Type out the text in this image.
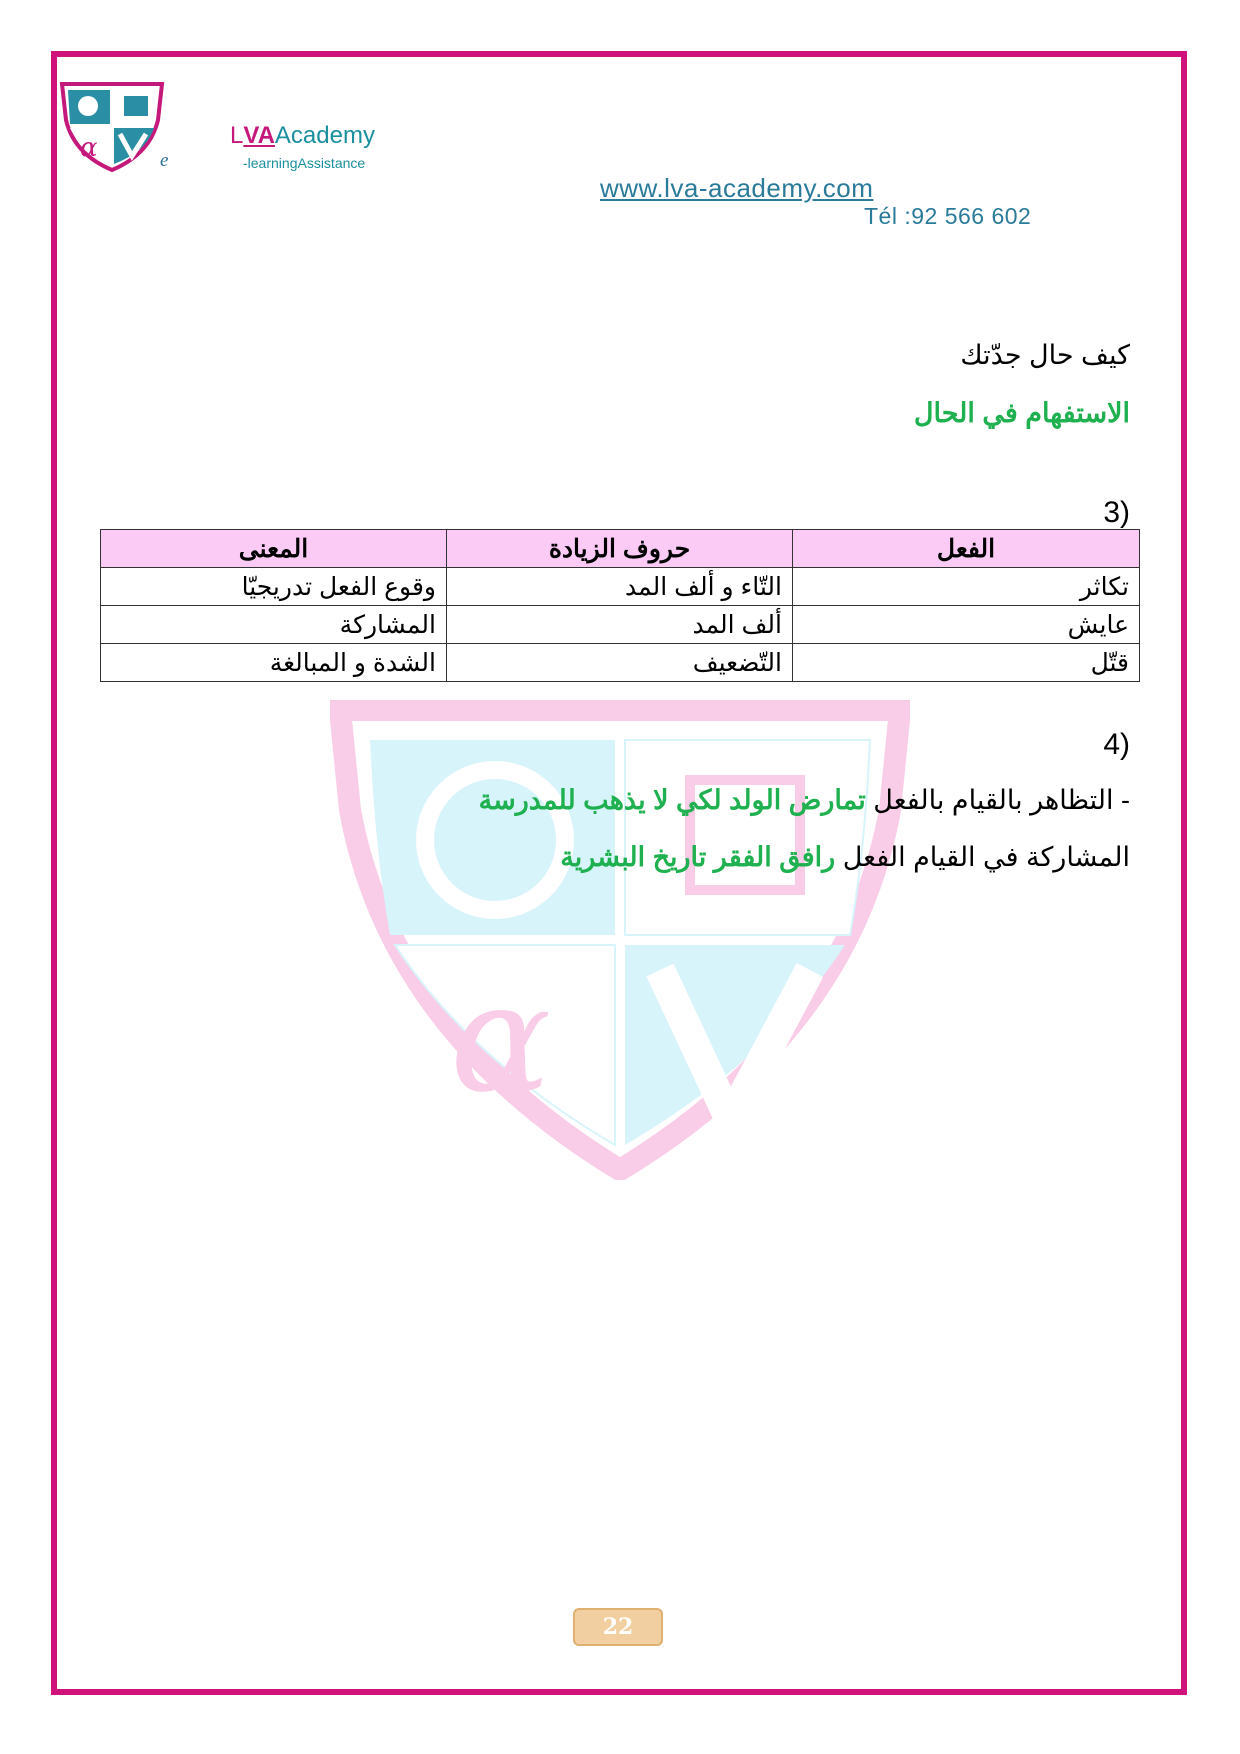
α	e
LVAAcademy
-learningAssistance
www.lva-academy.com
Tél :92 566 602
α
كيف حال جدّتك
الاستفهام في الحال
3)
الفعل	حروف الزيادة	المعنى
تكاثر	التّاء و ألف المد	وقوع الفعل تدريجيّا
عايش	ألف المد	المشاركة
قتّل	التّضعيف	الشدة و المبالغة
4)
- التظاهر بالقيام بالفعل تمارض الولد لكي لا يذهب للمدرسة
المشاركة في القيام الفعل رافق الفقر تاريخ البشرية
22
